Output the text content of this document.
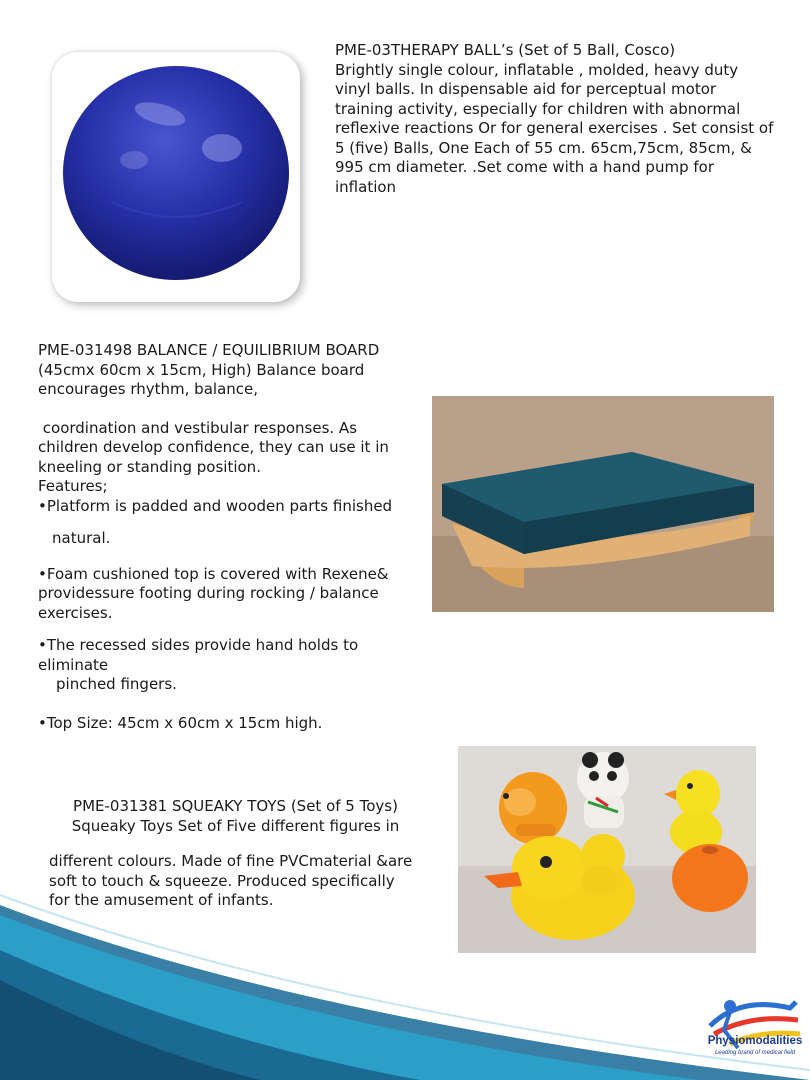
PME-03THERAPY BALL’s (Set of 5 Ball, Cosco)

Brightly single colour, inflatable , molded, heavy duty vinyl balls. In dispensable aid for perceptual motor training activity, especially for children with abnormal reflexive reactions Or for general exercises . Set consist of 5 (five) Balls, One Each of 55 cm. 65cm,75cm, 85cm, & 995 cm diameter. .Set come with a hand pump for inflation

PME-031498 BALANCE / EQUILIBRIUM BOARD

(45cmx 60cm x 15cm, High) Balance board encourages rhythm, balance,

coordination and vestibular responses. As children develop confidence, they can use it in kneeling or standing position.

Features;

•Platform is padded and wooden parts finished

natural.

•Foam cushioned top is covered with Rexene& providessure footing during rocking / balance exercises.

•The recessed sides provide hand holds to eliminate

pinched fingers.

•Top Size: 45cm x 60cm x 15cm high.

PME-031381 SQUEAKY TOYS (Set of 5 Toys)

Squeaky Toys Set of Five different figures in

different colours. Made of fine PVCmaterial &are soft to touch & squeeze. Produced specifically for the amusement of infants.

Physiomodalities
Leading brand of medical field
